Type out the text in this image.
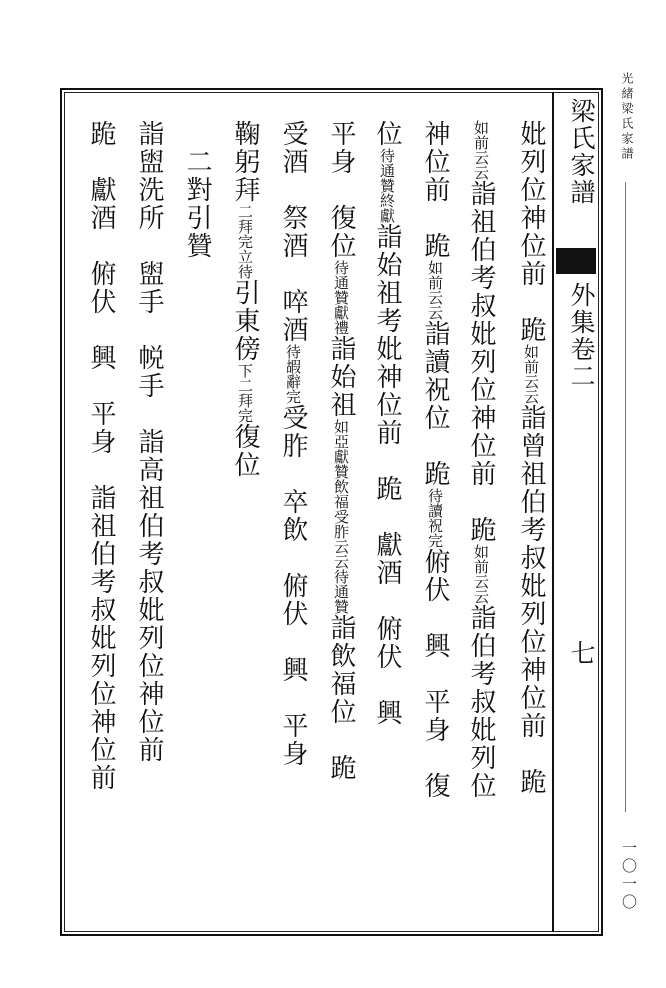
梁氏家譜
外集卷二
七
光緒梁氏家譜
一〇一〇
妣列位神位前　跪如前云云詣曾祖伯考叔妣列位神位前　跪
如前云云詣祖伯考叔妣列位神位前　跪如前云云詣伯考叔妣列位
神位前　跪如前云云詣讀祝位　跪待讀祝完俯伏　興　平身　復
位待通贊終獻詣始祖考妣神位前　跪　獻酒　俯伏　興
平身　復位待通贊獻禮詣始祖如亞獻贊飲福受胙云云待通贊詣飲福位　跪
受酒　祭酒　啐酒待嘏辭完受胙　卒飲　俯伏　興　平身
鞠躬拜二拜完立待引東傍下二拜完復位
二對引贊
詣盥洗所　盥手　帨手　詣高祖伯考叔妣列位神位前
跪　獻酒　俯伏　興　平身　詣祖伯考叔妣列位神位前
